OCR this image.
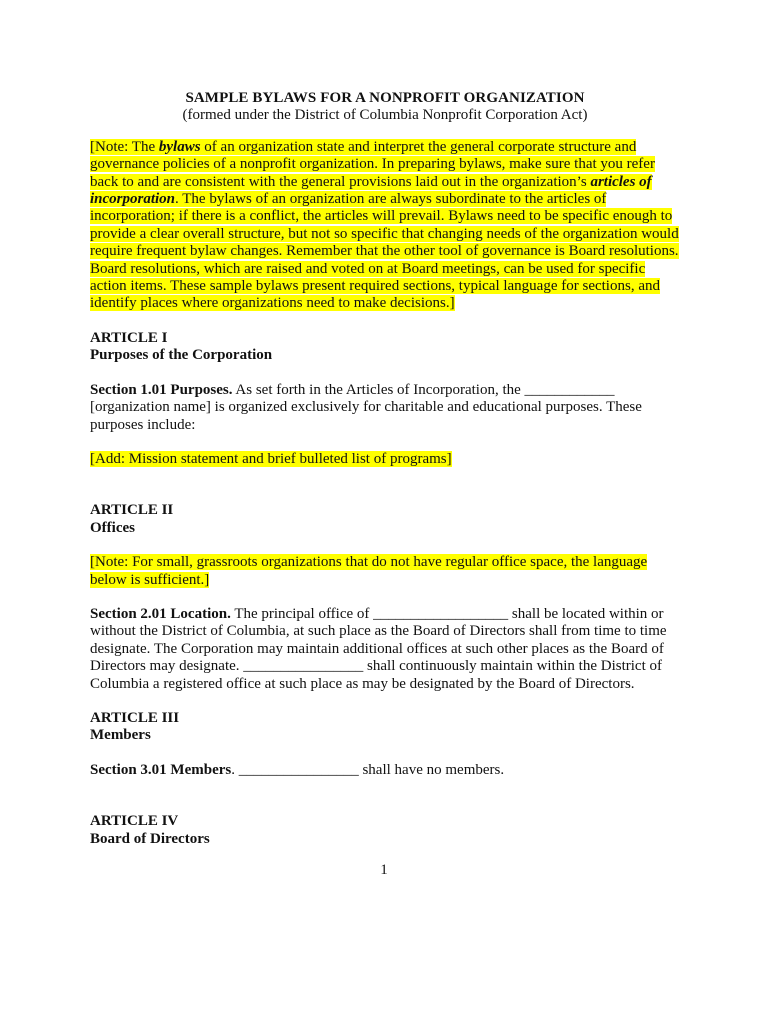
SAMPLE BYLAWS FOR A NONPROFIT ORGANIZATION
(formed under the District of Columbia Nonprofit Corporation Act)
[Note: The bylaws of an organization state and interpret the general corporate structure and governance policies of a nonprofit organization. In preparing bylaws, make sure that you refer back to and are consistent with the general provisions laid out in the organization’s articles of incorporation. The bylaws of an organization are always subordinate to the articles of incorporation; if there is a conflict, the articles will prevail. Bylaws need to be specific enough to provide a clear overall structure, but not so specific that changing needs of the organization would require frequent bylaw changes. Remember that the other tool of governance is Board resolutions. Board resolutions, which are raised and voted on at Board meetings, can be used for specific action items. These sample bylaws present required sections, typical language for sections, and identify places where organizations need to make decisions.]
ARTICLE I
Purposes of the Corporation
Section 1.01 Purposes. As set forth in the Articles of Incorporation, the ____________ [organization name] is organized exclusively for charitable and educational purposes. These purposes include:
[Add: Mission statement and brief bulleted list of programs]
ARTICLE II
Offices
[Note: For small, grassroots organizations that do not have regular office space, the language below is sufficient.]
Section 2.01 Location. The principal office of __________________ shall be located within or without the District of Columbia, at such place as the Board of Directors shall from time to time designate. The Corporation may maintain additional offices at such other places as the Board of Directors may designate. ________________ shall continuously maintain within the District of Columbia a registered office at such place as may be designated by the Board of Directors.
ARTICLE III
Members
Section 3.01 Members. ________________ shall have no members.
ARTICLE IV
Board of Directors
1
